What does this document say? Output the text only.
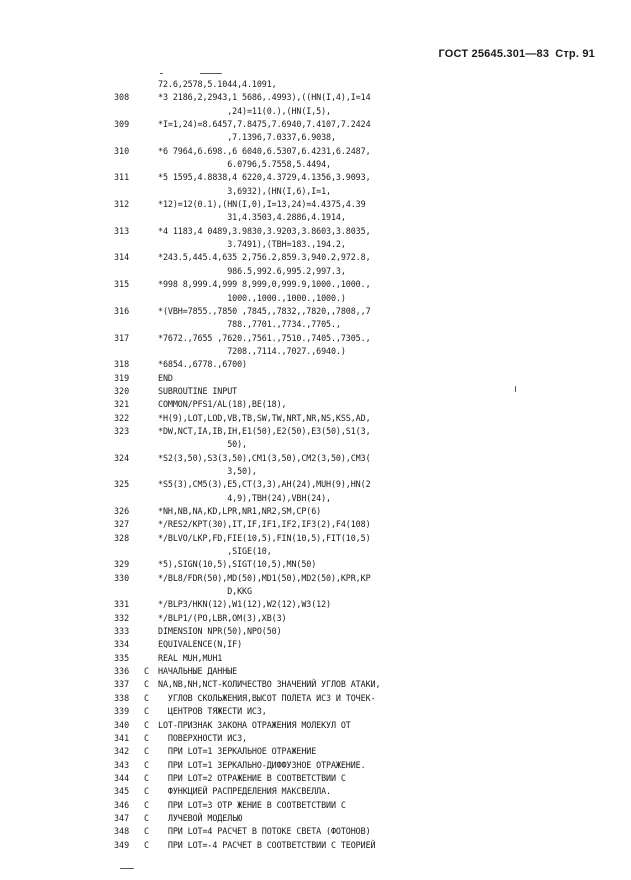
ГОСТ 25645.301—83 Стр. 91
72.6,2578,5.1044,4.1091,
308	*3 2186,2,2943,1 5686,.4993),((HN(I,4),I=14
,24)=11(0.),(HN(I,5),
309	*I=1,24)=8.6457,7.8475,7.6940,7.4107,7.2424
,7.1396,7.0337,6.9038,
310	*6 7964,6.698.,6 6040,6.5307,6.4231,6.2487,
6.0796,5.7558,5.4494,
311	*5 1595,4.8838,4 6220,4.3729,4.1356,3.9093,
3,6932),(HN(I,6),I=1,
312	*12)=12(0.1),(HN(I,0),I=13,24)=4.4375,4.39
31,4.3503,4.2886,4.1914,
313	*4 1183,4 0489,3.9830,3.9203,3.8603,3.8035,
3.7491),(TBH=183.,194.2,
314	*243.5,445.4,635 2,756.2,859.3,940.2,972.8,
986.5,992.6,995.2,997.3,
315	*998 8,999.4,999 8,999,0,999.9,1000.,1000.,
1000.,1000.,1000.,1000.)
316	*(VBH=7855.,7850 ,7845,,7832,,7820,,7808,,7
788.,7701.,7734.,7705.,
317	*7672.,7655 ,7620.,7561.,7510.,7405.,7305.,
7208.,7114.,7027.,6940.)
318	*6854.,6778.,6700)
319	END
320	SUBROUTINE INPUT
321	COMMON/PFS1/AL(18),BE(18),
322	*H(9),LOT,LOD,VB,TB,SW,TW,NRT,NR,NS,KSS,AD,
323	*DW,NCT,IA,IB,IH,E1(50),E2(50),E3(50),S1(3,
50),
324	*S2(3,50),S3(3,50),CM1(3,50),CM2(3,50),CM3(
3,50),
325	*S5(3),CM5(3),E5,CT(3,3),AH(24),MUH(9),HN(2
4,9),TBH(24),VBH(24),
326	*NH,NB,NA,KD,LPR,NR1,NR2,SM,CP(6)
327	*/RES2/KPT(30),IT,IF,IF1,IF2,IF3(2),F4(108)
328	*/BLVO/LKP,FD,FIE(10,5),FIN(10,5),FIT(10,5)
,SIGE(10,
329	*5),SIGN(10,5),SIGT(10,5),MN(50)
330	*/BL8/FDR(50),MD(50),MD1(50),MD2(50),KPR,KP
D,KKG
331	*/BLP3/HKN(12),W1(12),W2(12),W3(12)
332	*/BLP1/(PO,LBR,OM(3),XB(3)
333	DIMENSION NPR(50),NPO(50)
334	EQUIVALENCE(N,IF)
335	REAL MUH,MUH1
336	C	НАЧАЛЬНЫЕ ДАННЫЕ
337	C	NA,NB,NH,NCT-КОЛИЧЕСТВО ЗНАЧЕНИЙ УГЛОВ АТАКИ,
338	C	УГЛОВ СКОЛЬЖЕНИЯ,ВЫСОТ ПОЛЕТА ИСЗ И ТОЧЕК-
339	C	ЦЕНТРОВ ТЯЖЕСТИ ИСЗ,
340	C	LOT-ПРИЗНАК ЗАКОНА ОТРАЖЕНИЯ МОЛЕКУЛ ОТ
341	C	ПОВЕРХНОСТИ ИСЗ,
342	C	ПРИ LOT=1 ЗЕРКАЛЬНОЕ ОТРАЖЕНИЕ
343	C	ПРИ LOT=1 ЗЕРКАЛЬНО-ДИФФУЗНОЕ ОТРАЖЕНИЕ.
344	C	ПРИ LOT=2 ОТРАЖЕНИЕ В СООТВЕТСТВИИ С
345	C	ФУНКЦИЕЙ РАСПРЕДЕЛЕНИЯ МАКСВЕЛЛА.
346	C	ПРИ LOT=3 ОТР ЖЕНИЕ В СООТВЕТСТВИИ С
347	C	ЛУЧЕВОЙ МОДЕЛЬЮ
348	C	ПРИ LOT=4 РАСЧЕТ В ПОТОКЕ СВЕТА (ФОТОНОВ)
349	C	ПРИ LOT=-4 РАСЧЕТ В СООТВЕТСТВИИ С ТЕОРИЕЙ
